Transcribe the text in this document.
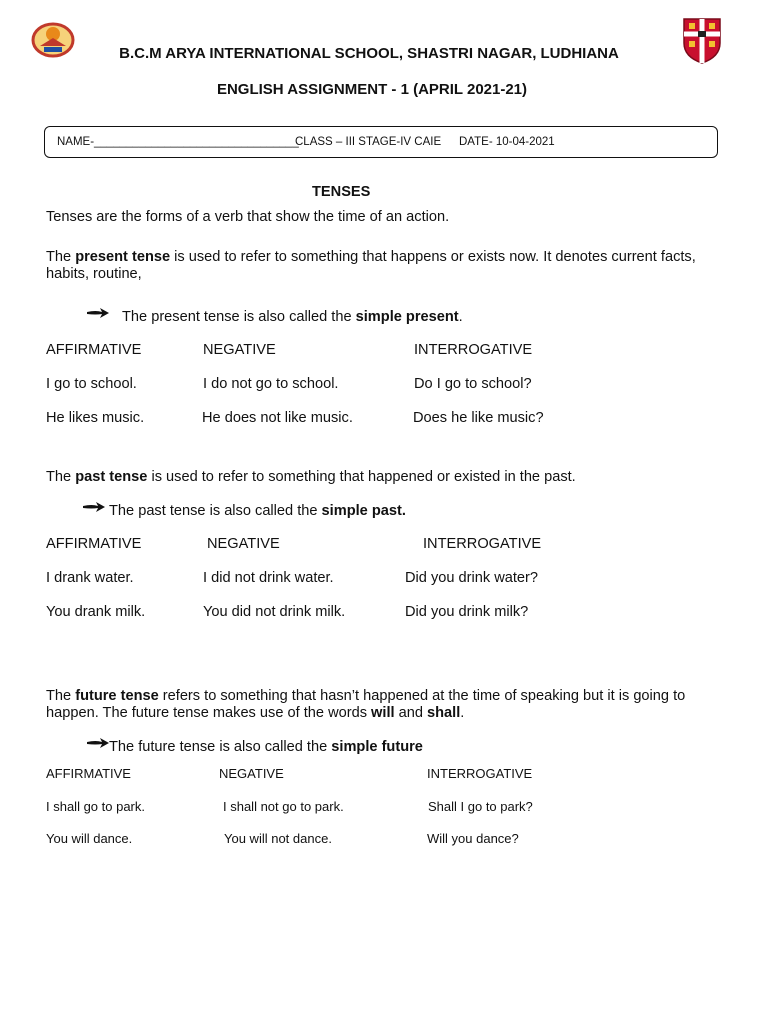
B.C.M ARYA INTERNATIONAL SCHOOL, SHASTRI NAGAR, LUDHIANA
ENGLISH ASSIGNMENT - 1 (APRIL 2021-21)
NAME-________________________________
CLASS – III STAGE-IV CAIE DATE- 10-04-2021
TENSES
Tenses are the forms of a verb that show the time of an action.
The present tense is used to refer to something that happens or exists now. It denotes current facts, habits, routine,
The present tense is also called the simple present.
AFFIRMATIVE	NEGATIVE	INTERROGATIVE
I go to school.	I do not go to school.	Do I go to school?
He likes music.	He does not like music.	Does he like music?
The past tense is used to refer to something that happened or existed in the past.
The past tense is also called the simple past.
AFFIRMATIVE	NEGATIVE	INTERROGATIVE
I drank water.	I did not drink water.	Did you drink water?
You drank milk.	You did not drink milk.	Did you drink milk?
The future tense refers to something that hasn’t happened at the time of speaking but it is going to happen. The future tense makes use of the words will and shall.
The future tense is also called the simple future
AFFIRMATIVE	NEGATIVE	INTERROGATIVE
I shall go to park.	I shall not go to park.	Shall I go to park?
You will dance.	You will not dance.	Will you dance?
